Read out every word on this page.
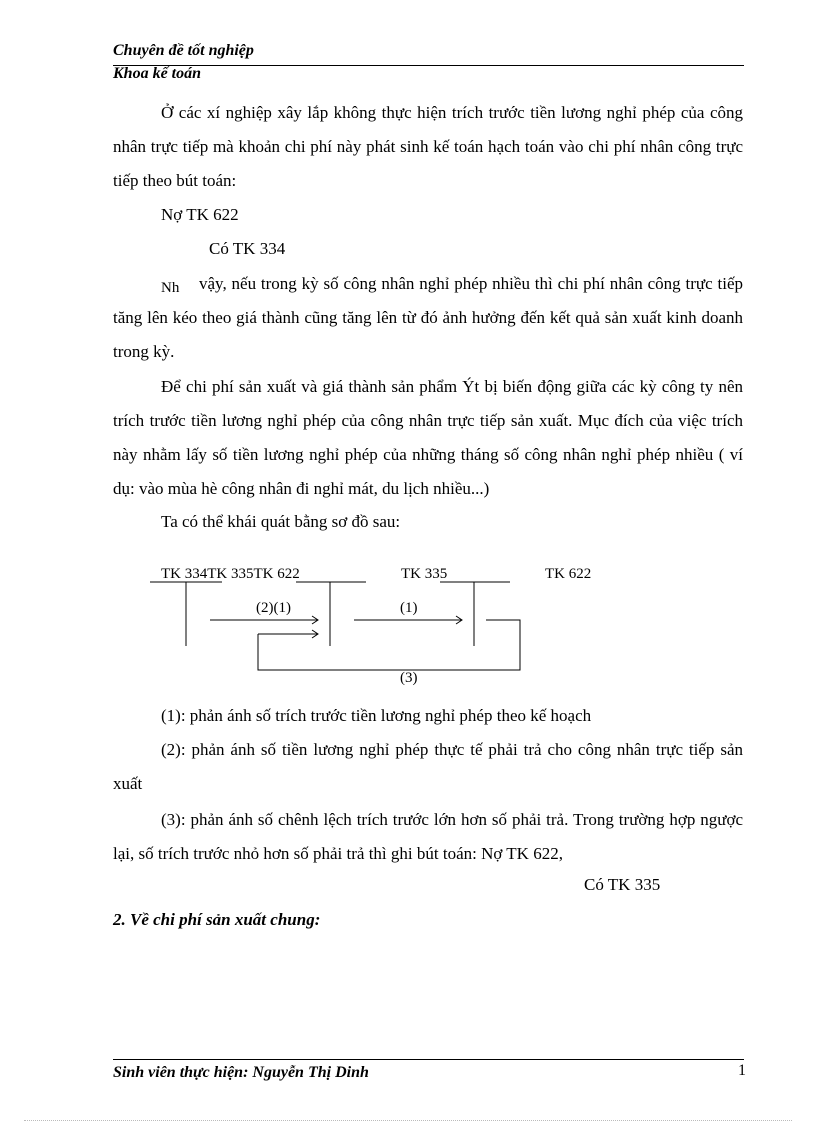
Chuyên đề tốt nghiệp
Khoa kế toán
Ở các xí nghiệp xây lắp không thực hiện trích trước tiền lương nghỉ phép của công nhân trực tiếp mà khoản chi phí này phát sinh kế toán hạch toán vào chi phí nhân công trực tiếp theo bút toán:
Nợ TK 622
Có TK 334
Nh	vậy, nếu trong kỳ số công nhân nghỉ phép nhiều thì chi phí nhân công trực tiếp tăng lên kéo theo giá thành cũng tăng lên từ đó ảnh hưởng đến kết quả sản xuất kinh doanh trong kỳ.
Để chi phí sản xuất và giá thành sản phẩm Ýt bị biến động giữa các kỳ công ty nên trích trước tiền lương nghỉ phép của công nhân trực tiếp sản xuất. Mục đích của việc trích này nhằm lấy số tiền lương nghỉ phép của những tháng số công nhân nghỉ phép nhiều ( ví dụ: vào mùa hè công nhân đi nghỉ mát, du lịch nhiều...)
Ta có thể khái quát bằng sơ đồ sau:
TK 334TK 335TK 622	TK 335	TK 622
(2)(1)	(1)
(3)
(1): phản ánh số trích trước tiền lương nghỉ phép theo kế hoạch
(2): phản ánh số tiền lương nghỉ phép thực tế phải trả cho công nhân trực tiếp sản xuất
(3): phản ánh số chênh lệch trích trước lớn hơn số phải trả. Trong trường hợp ngược lại, số trích trước nhỏ hơn số phải trả thì ghi bút toán: Nợ TK 622,
Có TK 335
2. Về chi phí sản xuất chung:
Sinh viên thực hiện: Nguyễn Thị Dinh	1
